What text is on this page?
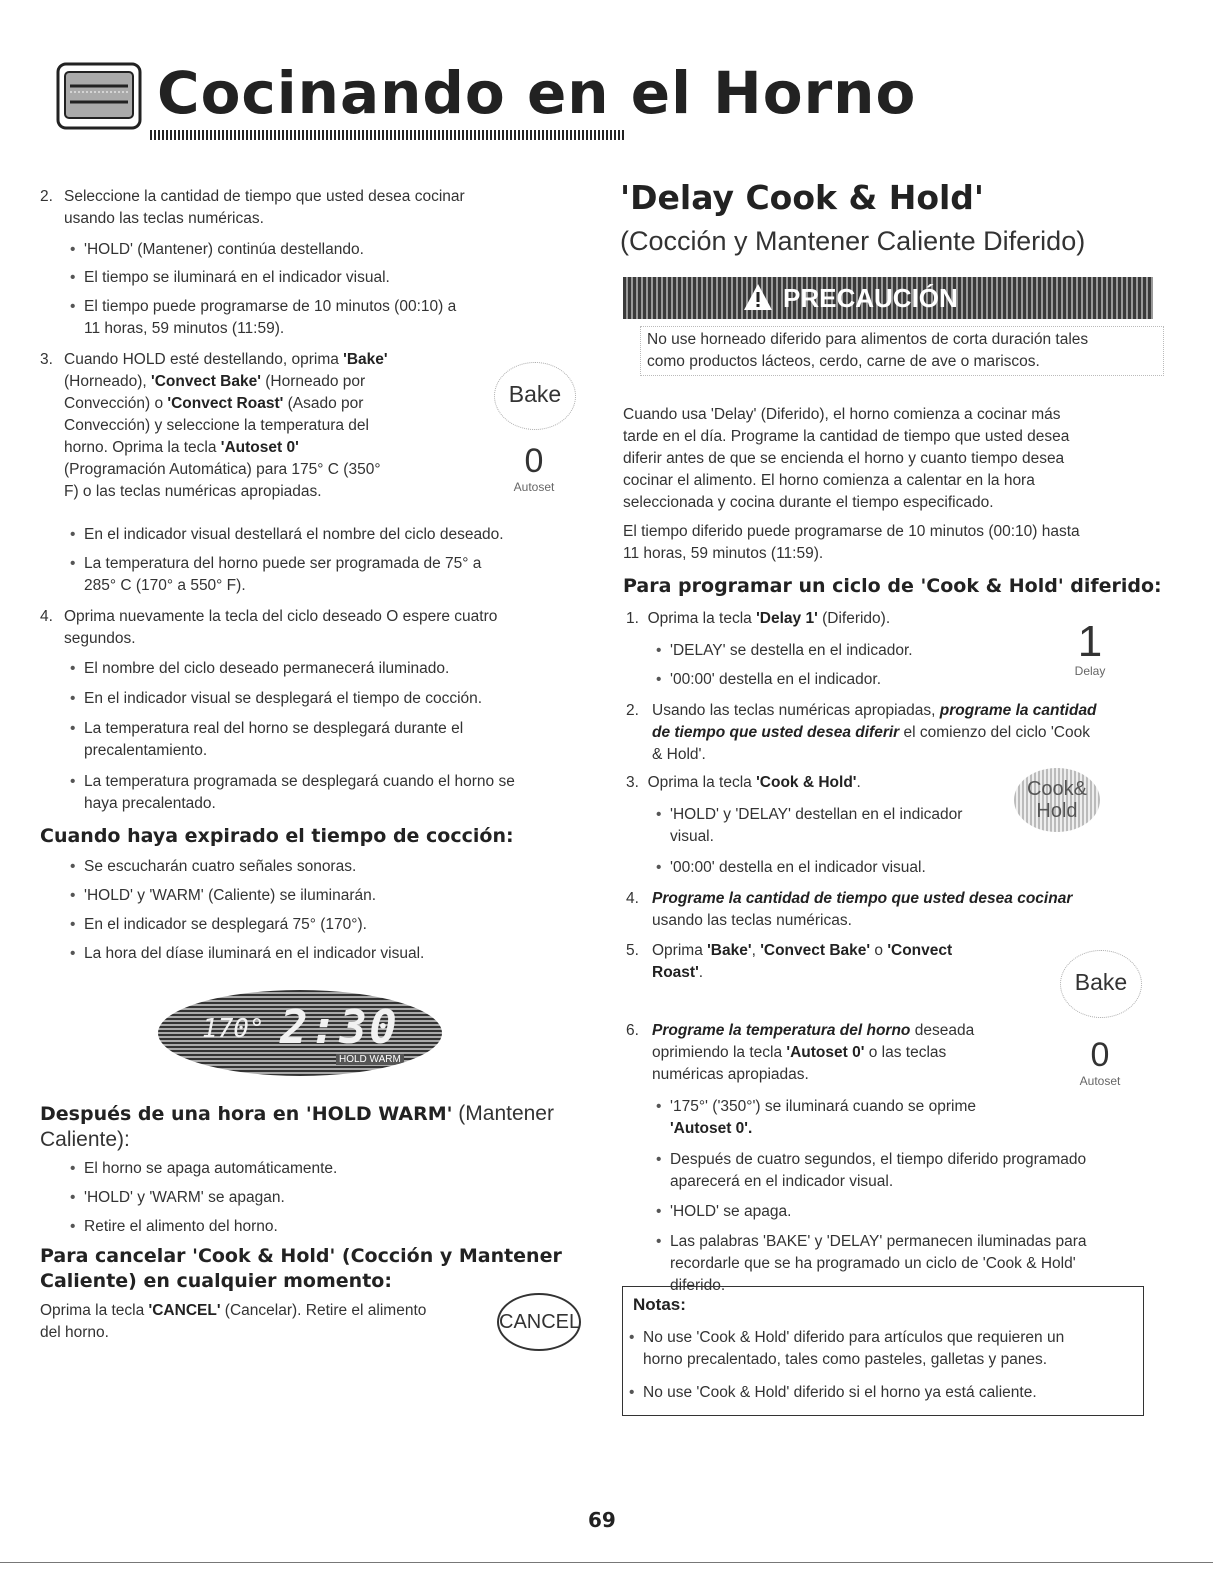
Cocinando en el Horno
2. Seleccione la cantidad de tiempo que usted desea cocinar
usando las teclas numéricas.
• 'HOLD' (Mantener) continúa destellando.
• El tiempo se iluminará en el indicador visual.
• El tiempo puede programarse de 10 minutos (00:10) a
11 horas, 59 minutos (11:59).
3. Cuando HOLD esté destellando, oprima 'Bake'
(Horneado), 'Convect Bake' (Horneado por
Convección) o 'Convect Roast' (Asado por
Convección) y seleccione la temperatura del
horno. Oprima la tecla 'Autoset 0'
(Programación Automática) para 175° C (350°
F) o las teclas numéricas apropiadas.
• En el indicador visual destellará el nombre del ciclo deseado.
• La temperatura del horno puede ser programada de 75° a
285° C (170° a 550° F).
Bake
0
Autoset
4. Oprima nuevamente la tecla del ciclo deseado O espere cuatro
segundos.
• El nombre del ciclo deseado permanecerá iluminado.
• En el indicador visual se desplegará el tiempo de cocción.
• La temperatura real del horno se desplegará durante el
precalentamiento.
• La temperatura programada se desplegará cuando el horno se
haya precalentado.
Cuando haya expirado el tiempo de cocción:
• Se escucharán cuatro señales sonoras.
• 'HOLD' y 'WARM' (Caliente) se iluminarán.
• En el indicador se desplegará 75° (170°).
• La hora del díase iluminará en el indicador visual.
170° 2:30
HOLD WARM
Después de una hora en 'HOLD WARM' (Mantener
Caliente):
• El horno se apaga automáticamente.
• 'HOLD' y 'WARM' se apagan.
• Retire el alimento del horno.
Para cancelar 'Cook & Hold' (Cocción y Mantener
Caliente) en cualquier momento:
Oprima la tecla 'CANCEL' (Cancelar). Retire el alimento
del horno.	CANCEL
'Delay Cook & Hold'
(Cocción y Mantener Caliente Diferido)
PRECAUCIÓN
No use horneado diferido para alimentos de corta duración tales
como productos lácteos, cerdo, carne de ave o mariscos.
Cuando usa 'Delay' (Diferido), el horno comienza a cocinar más
tarde en el día. Programe la cantidad de tiempo que usted desea
diferir antes de que se encienda el horno y cuanto tiempo desea
cocinar el alimento. El horno comienza a calentar en la hora
seleccionada y cocina durante el tiempo especificado.
El tiempo diferido puede programarse de 10 minutos (00:10) hasta
11 horas, 59 minutos (11:59).
Para programar un ciclo de 'Cook & Hold' diferido:
1. Oprima la tecla 'Delay 1' (Diferido).
• 'DELAY' se destella en el indicador.
• '00:00' destella en el indicador.
1
Delay
2. Usando las teclas numéricas apropiadas, programe la cantidad
de tiempo que usted desea diferir el comienzo del ciclo 'Cook
& Hold'.
3. Oprima la tecla 'Cook & Hold'.
• 'HOLD' y 'DELAY' destellan en el indicador
visual.
• '00:00' destella en el indicador visual.
Cook&
Hold
4. Programe la cantidad de tiempo que usted desea cocinar
usando las teclas numéricas.
5. Oprima 'Bake', 'Convect Bake' o 'Convect
Roast'.
6. Programe la temperatura del horno deseada
oprimiendo la tecla 'Autoset 0' o las teclas
numéricas apropiadas.
• '175°' ('350°') se iluminará cuando se oprime
'Autoset 0'.
• Después de cuatro segundos, el tiempo diferido programado
aparecerá en el indicador visual.
• 'HOLD' se apaga.
• Las palabras 'BAKE' y 'DELAY' permanecen iluminadas para
recordarle que se ha programado un ciclo de 'Cook & Hold'
diferido.
Bake
0
Autoset
Notas:
• No use 'Cook & Hold' diferido para artículos que requieren un
horno precalentado, tales como pasteles, galletas y panes.
• No use 'Cook & Hold' diferido si el horno ya está caliente.
69
